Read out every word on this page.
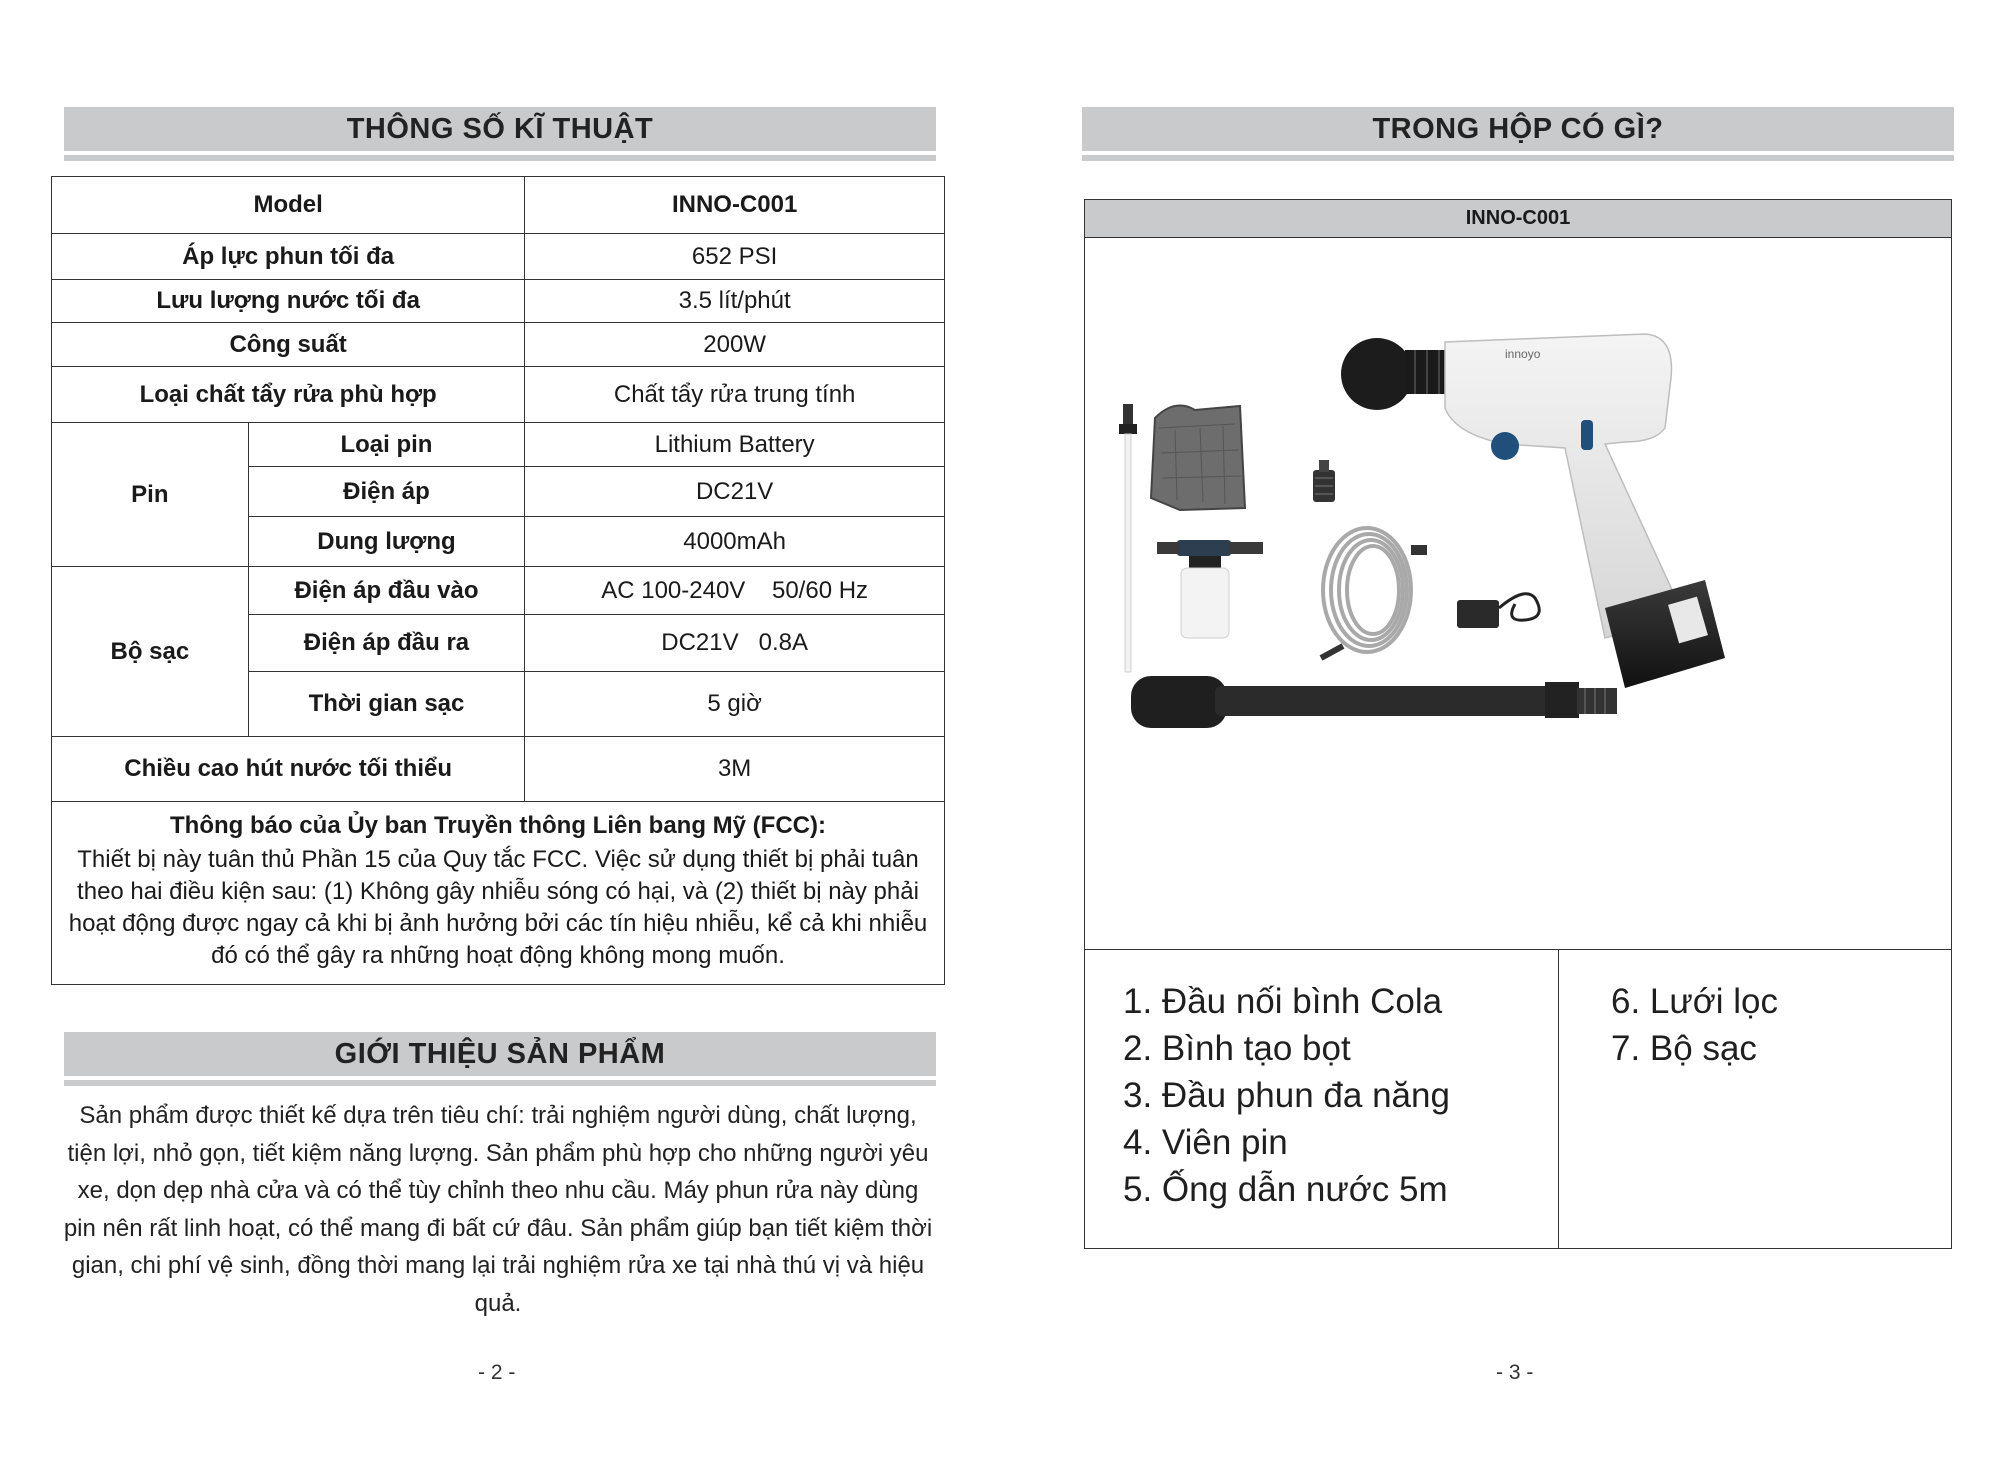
THÔNG SỐ KĨ THUẬT
Model		INNO-C001
Áp lực phun tối đa		652 PSI
Lưu lượng nước tối đa		3.5 lít/phút
Công suất		200W
Loại chất tẩy rửa phù hợp		Chất tẩy rửa trung tính
Pin	Loại pin	Lithium Battery
	Điện áp	DC21V
	Dung lượng	4000mAh
Bộ sạc	Điện áp đầu vào	AC 100-240V    50/60 Hz
	Điện áp đầu ra	DC21V   0.8A
	Thời gian sạc	5 giờ
Chiều cao hút nước tối thiểu		3M

Thông báo của Ủy ban Truyền thông Liên bang Mỹ (FCC):
Thiết bị này tuân thủ Phần 15 của Quy tắc FCC. Việc sử dụng thiết bị phải tuân theo hai điều kiện sau: (1) Không gây nhiễu sóng có hại, và (2) thiết bị này phải hoạt động được ngay cả khi bị ảnh hưởng bởi các tín hiệu nhiễu, kể cả khi nhiễu đó có thể gây ra những hoạt động không mong muốn.		
GIỚI THIỆU SẢN PHẨM
Sản phẩm được thiết kế dựa trên tiêu chí: trải nghiệm người dùng, chất lượng, tiện lợi, nhỏ gọn, tiết kiệm năng lượng. Sản phẩm phù hợp cho những người yêu xe, dọn dẹp nhà cửa và có thể tùy chỉnh theo nhu cầu. Máy phun rửa này dùng pin nên rất linh hoạt, có thể mang đi bất cứ đâu. Sản phẩm giúp bạn tiết kiệm thời gian, chi phí vệ sinh, đồng thời mang lại trải nghiệm rửa xe tại nhà thú vị và hiệu quả.
- 2 -
TRONG HỘP CÓ GÌ?
INNO-C001
innoyo
1. Đầu nối bình Cola
2. Bình tạo bọt
3. Đầu phun đa năng
4. Viên pin
5. Ống dẫn nước 5m
6. Lưới lọc
7. Bộ sạc
- 3 -
